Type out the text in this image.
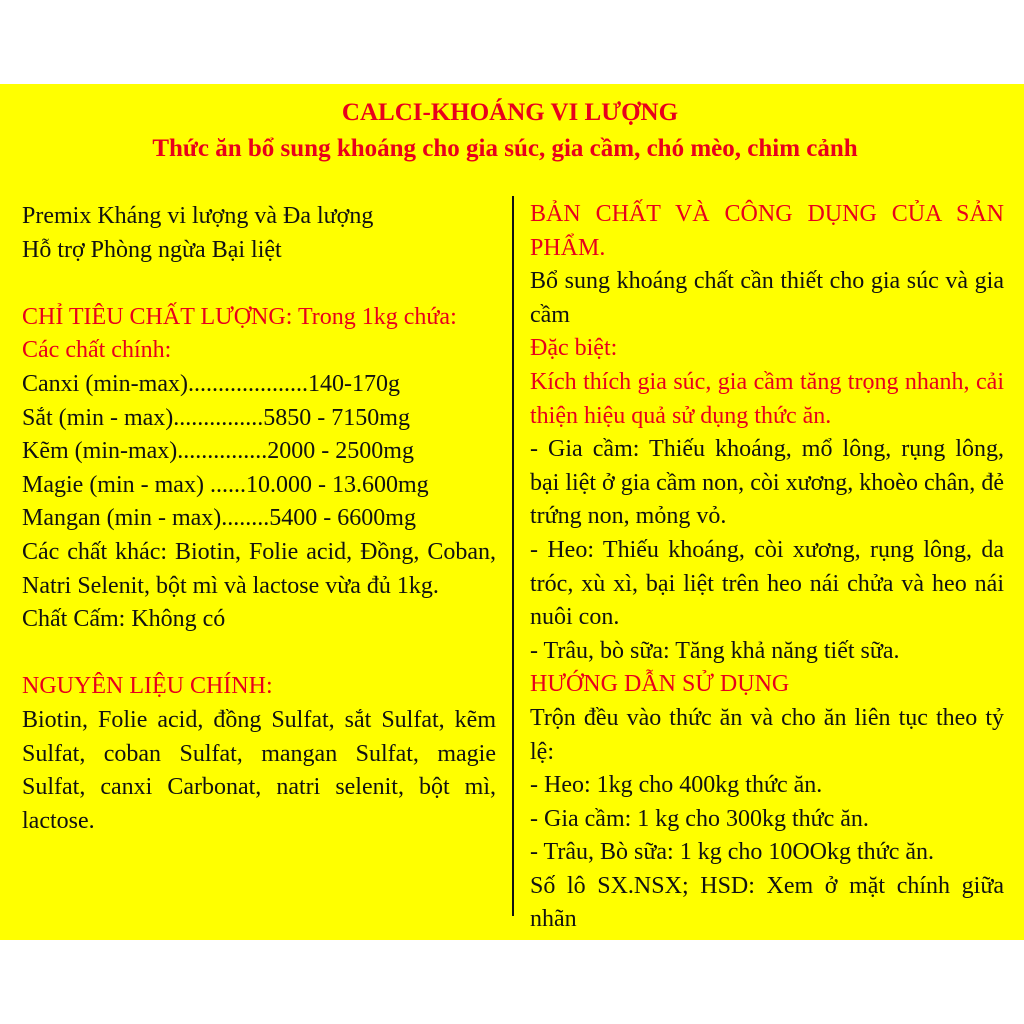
CALCI-KHOÁNG VI LƯỢNG
Thức ăn bổ sung khoáng cho gia súc, gia cầm, chó mèo, chim cảnh

Premix Kháng vi lượng và Đa lượng

Hỗ trợ Phòng ngừa Bại liệt

CHỈ TIÊU CHẤT LƯỢNG: Trong 1kg chứa:

Các chất chính:

Canxi (min-max)....................140-170g

Sắt (min - max)...............5850 - 7150mg

Kẽm (min-max)...............2000 - 2500mg

Magie (min - max) ......10.000 - 13.600mg

Mangan (min - max)........5400 - 6600mg

Các chất khác: Biotin, Folie acid, Đồng, Coban, Natri Selenit, bột mì và lactose vừa đủ 1kg.

Chất Cấm: Không có

NGUYÊN LIỆU CHÍNH:

Biotin, Folie acid, đồng Sulfat, sắt Sulfat, kẽm Sulfat, coban Sulfat, mangan Sulfat, magie Sulfat, canxi Carbonat, natri selenit, bột mì, lactose.

BẢN CHẤT VÀ CÔNG DỤNG CỦA SẢN PHẨM.

Bổ sung khoáng chất cần thiết cho gia súc và gia cầm

Đặc biệt:

Kích thích gia súc, gia cầm tăng trọng nhanh, cải thiện hiệu quả sử dụng thức ăn.

- Gia cầm: Thiếu khoáng, mổ lông, rụng lông, bại liệt ở gia cầm non, còi xương, khoèo chân, đẻ trứng non, mỏng vỏ.

- Heo: Thiếu khoáng, còi xương, rụng lông, da tróc, xù xì, bại liệt trên heo nái chửa và heo nái nuôi con.

- Trâu, bò sữa: Tăng khả năng tiết sữa.

HƯỚNG DẪN SỬ DỤNG

Trộn đều vào thức ăn và cho ăn liên tục theo tỷ lệ:

- Heo: 1kg cho 400kg thức ăn.

- Gia cầm: 1 kg cho 300kg thức ăn.

- Trâu, Bò sữa: 1 kg cho 10OOkg thức ăn.

Số lô SX.NSX; HSD: Xem ở mặt chính giữa nhãn
